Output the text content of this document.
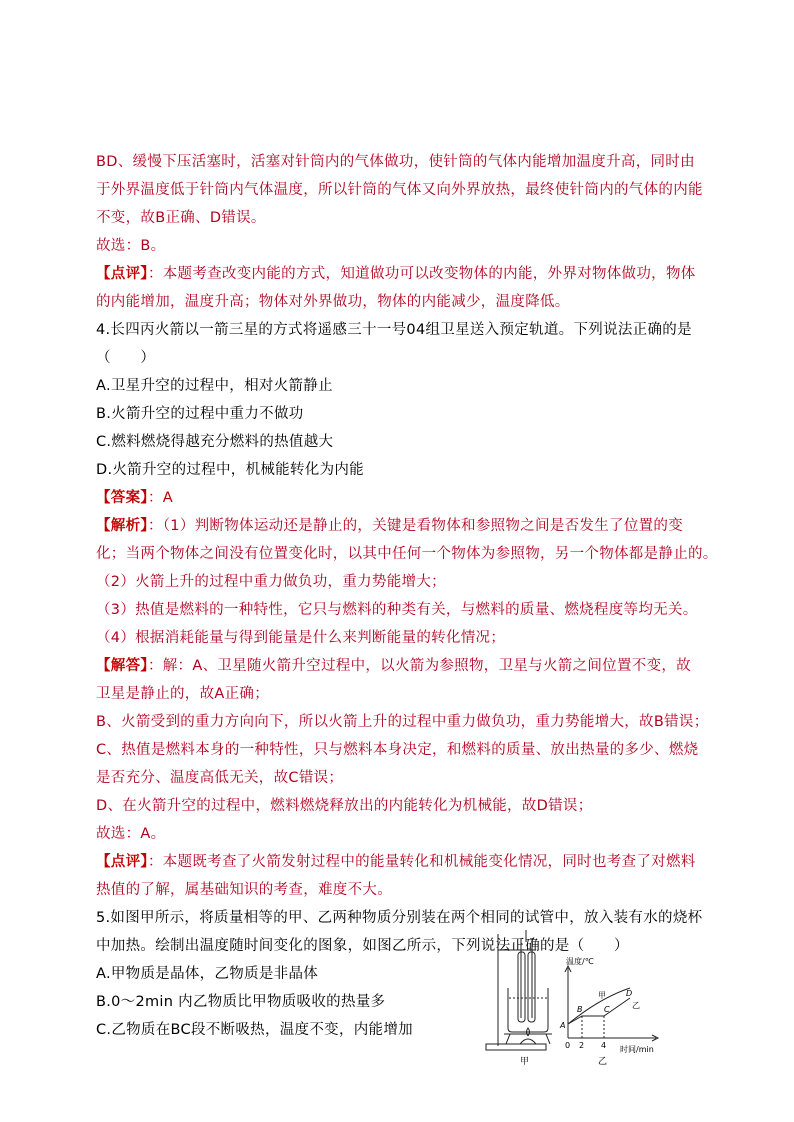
BD、缓慢下压活塞时，活塞对针筒内的气体做功，使针筒的气体内能增加温度升高，同时由
于外界温度低于针筒内气体温度，所以针筒的气体又向外界放热，最终使针筒内的气体的内能
不变，故B正确、D错误。
故选：B。
【点评】：本题考查改变内能的方式，知道做功可以改变物体的内能，外界对物体做功，物体
的内能增加，温度升高；物体对外界做功，物体的内能减少，温度降低。
4.长四丙火箭以一箭三星的方式将遥感三十一号04组卫星送入预定轨道。下列说法正确的是
（　　）
A.卫星升空的过程中，相对火箭静止
B.火箭升空的过程中重力不做功
C.燃料燃烧得越充分燃料的热值越大
D.火箭升空的过程中，机械能转化为内能
【答案】：A
【解析】：（1）判断物体运动还是静止的，关键是看物体和参照物之间是否发生了位置的变
化；当两个物体之间没有位置变化时，以其中任何一个物体为参照物，另一个物体都是静止的。
（2）火箭上升的过程中重力做负功，重力势能增大；
（3）热值是燃料的一种特性，它只与燃料的种类有关，与燃料的质量、燃烧程度等均无关。
（4）根据消耗能量与得到能量是什么来判断能量的转化情况；
【解答】：解：A、卫星随火箭升空过程中，以火箭为参照物，卫星与火箭之间位置不变，故
卫星是静止的，故A正确；
B、火箭受到的重力方向向下，所以火箭上升的过程中重力做负功，重力势能增大，故B错误；
C、热值是燃料本身的一种特性，只与燃料本身决定，和燃料的质量、放出热量的多少、燃烧
是否充分、温度高低无关，故C错误；
D、在火箭升空的过程中，燃料燃烧释放出的内能转化为机械能，故D错误；
故选：A。
【点评】：本题既考查了火箭发射过程中的能量转化和机械能变化情况，同时也考查了对燃料
热值的了解，属基础知识的考查，难度不大。
5.如图甲所示，将质量相等的甲、乙两种物质分别装在两个相同的试管中，放入装有水的烧杯
中加热。绘制出温度随时间变化的图象，如图乙所示，下列说法正确的是（　　）
A.甲物质是晶体，乙物质是非晶体
B.0～2min 内乙物质比甲物质吸收的热量多
C.乙物质在BC段不断吸热，温度不变，内能增加
甲
温度/℃
时间/min
甲
乙
A
B	C
D
0 2 4
乙
